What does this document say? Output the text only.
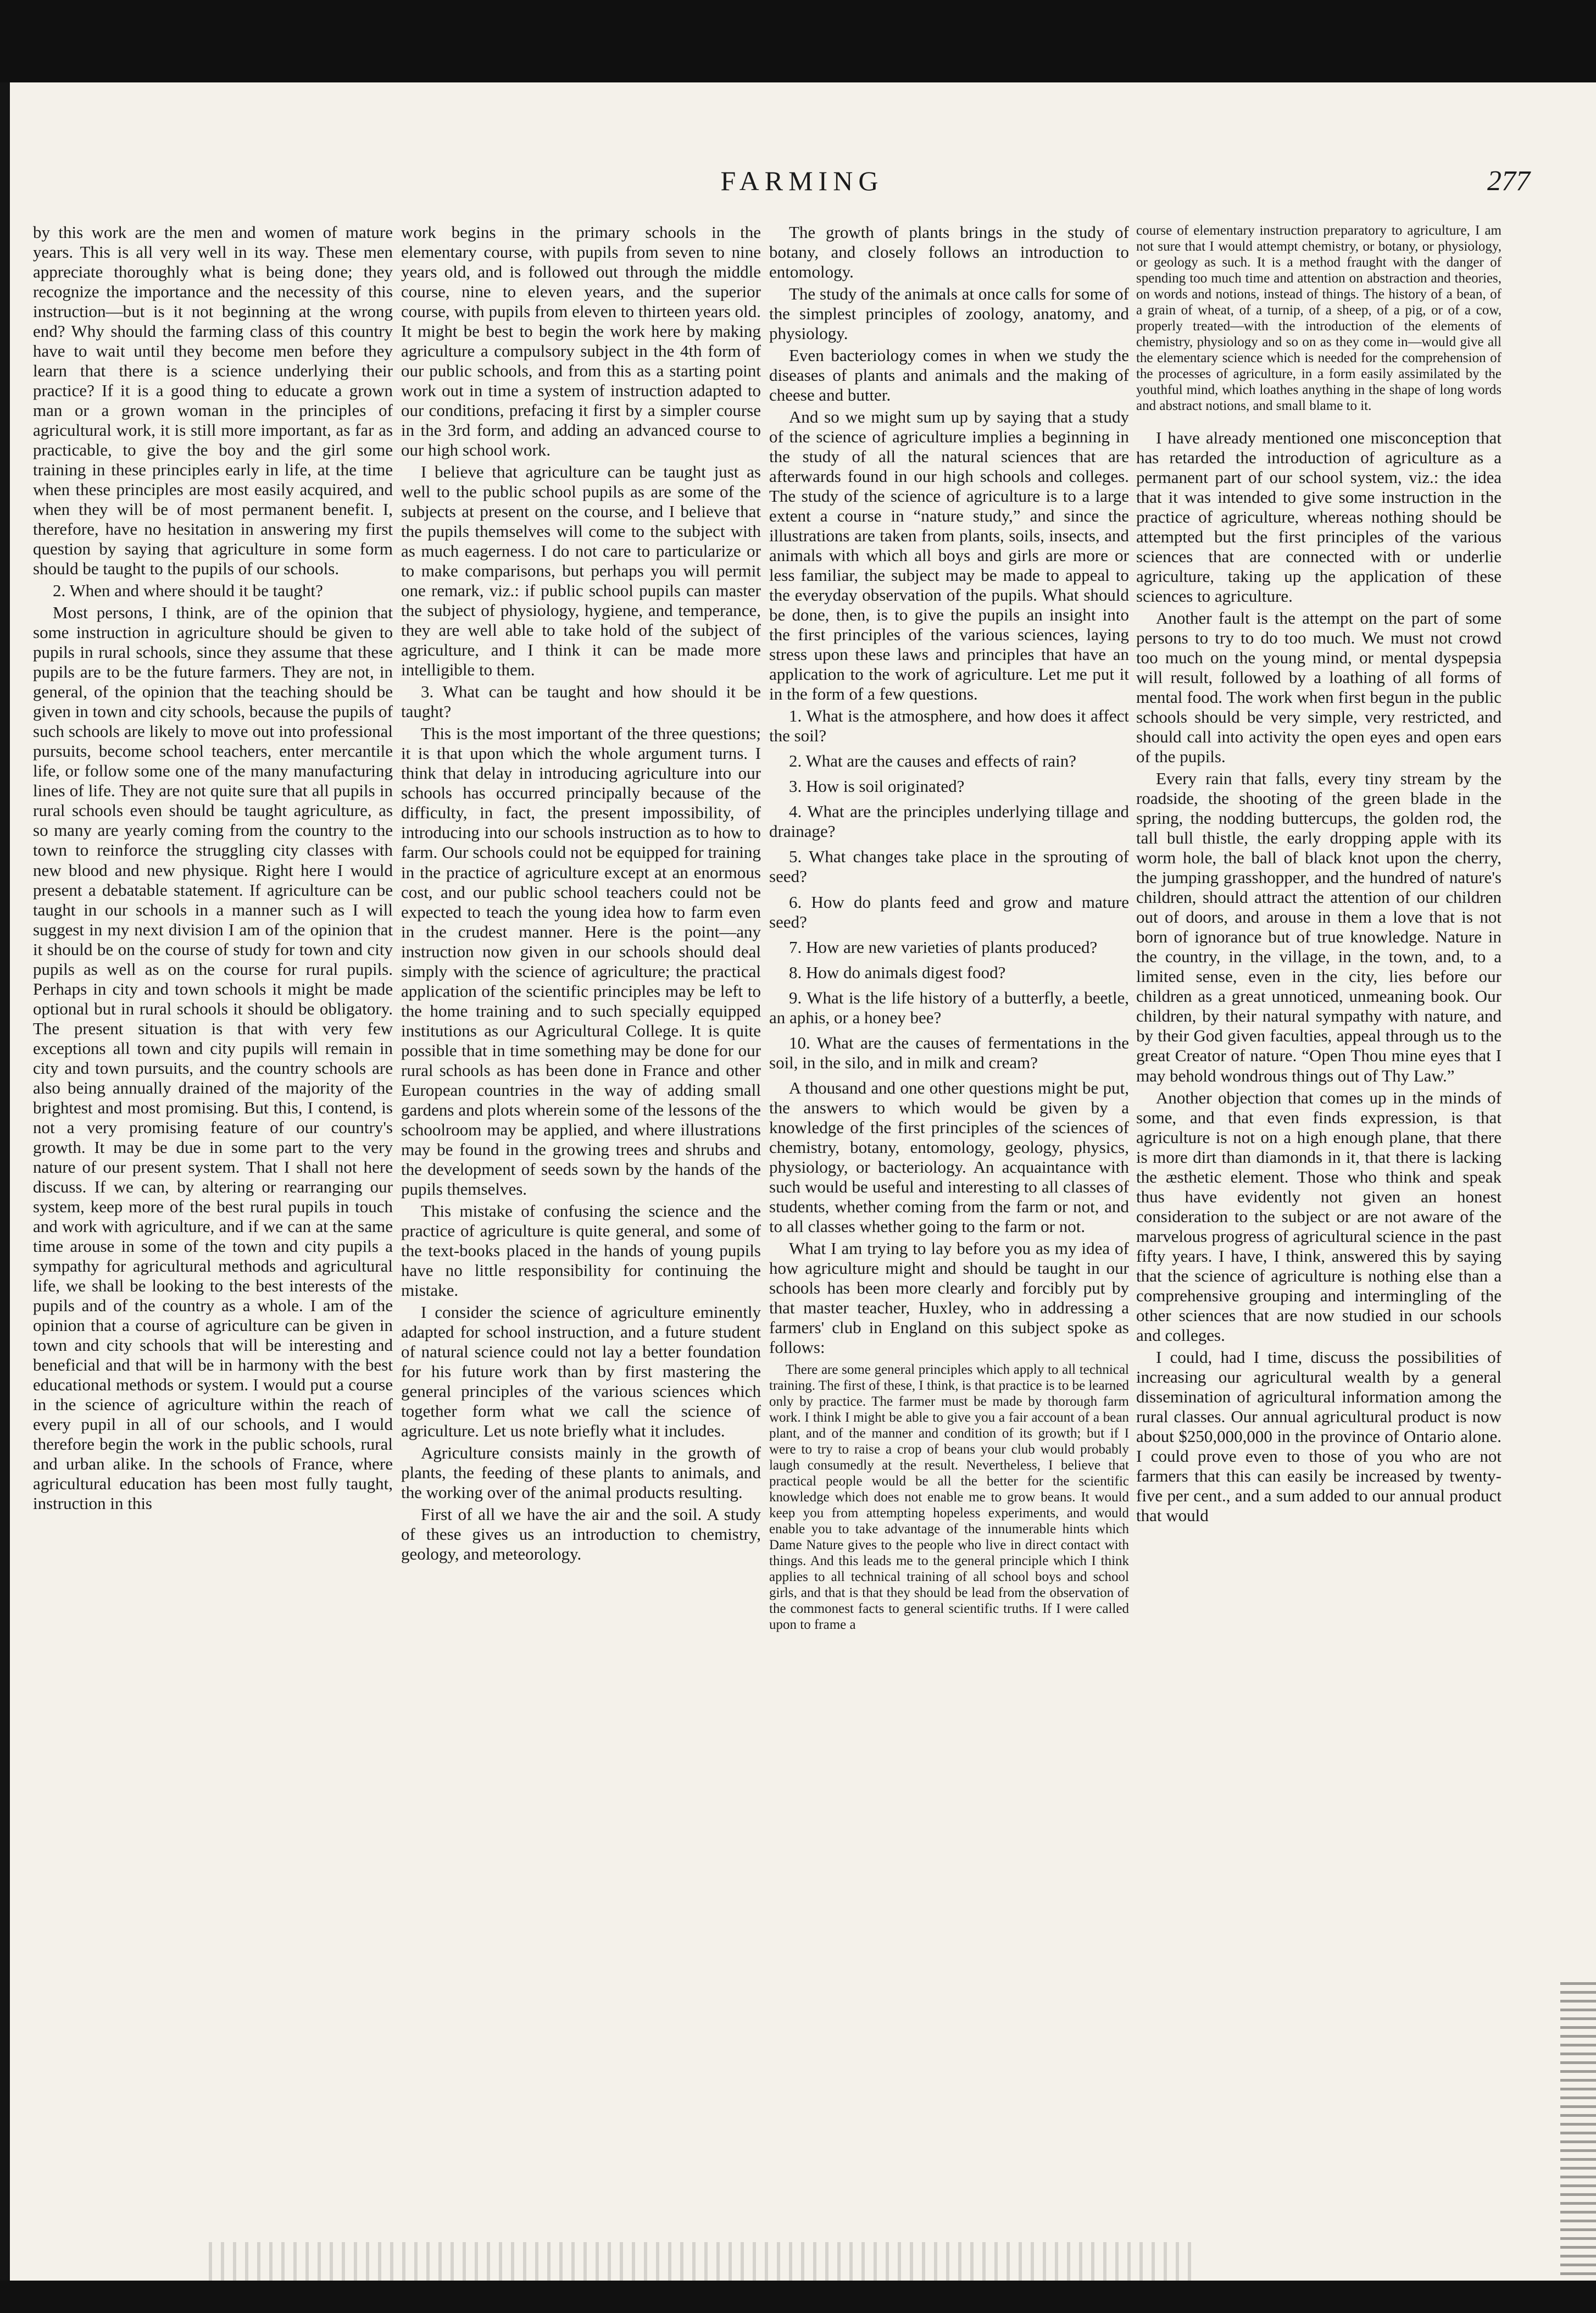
FARMING	277

by this work are the men and women of mature years. This is all very well in its way. These men appreciate thoroughly what is being done; they recognize the importance and the necessity of this instruction—but is it not beginning at the wrong end? Why should the farming class of this country have to wait until they become men before they learn that there is a science underlying their practice? If it is a good thing to educate a grown man or a grown woman in the principles of agricultural work, it is still more important, as far as practicable, to give the boy and the girl some training in these principles early in life, at the time when these principles are most easily acquired, and when they will be of most permanent benefit. I, therefore, have no hesitation in answering my first question by saying that agriculture in some form should be taught to the pupils of our schools.

2. When and where should it be taught?

Most persons, I think, are of the opinion that some instruction in agriculture should be given to pupils in rural schools, since they assume that these pupils are to be the future farmers. They are not, in general, of the opinion that the teaching should be given in town and city schools, because the pupils of such schools are likely to move out into professional pursuits, become school teachers, enter mercantile life, or follow some one of the many manufacturing lines of life. They are not quite sure that all pupils in rural schools even should be taught agriculture, as so many are yearly coming from the country to the town to reinforce the struggling city classes with new blood and new physique. Right here I would present a debatable statement. If agriculture can be taught in our schools in a manner such as I will suggest in my next division I am of the opinion that it should be on the course of study for town and city pupils as well as on the course for rural pupils. Perhaps in city and town schools it might be made optional but in rural schools it should be obligatory. The present situation is that with very few exceptions all town and city pupils will remain in city and town pursuits, and the country schools are also being annually drained of the majority of the brightest and most promising. But this, I contend, is not a very promising feature of our country's growth. It may be due in some part to the very nature of our present system. That I shall not here discuss. If we can, by altering or rearranging our system, keep more of the best rural pupils in touch and work with agriculture, and if we can at the same time arouse in some of the town and city pupils a sympathy for agricultural methods and agricultural life, we shall be looking to the best interests of the pupils and of the country as a whole. I am of the opinion that a course of agriculture can be given in town and city schools that will be interesting and beneficial and that will be in harmony with the best educational methods or system. I would put a course in the science of agriculture within the reach of every pupil in all of our schools, and I would therefore begin the work in the public schools, rural and urban alike. In the schools of France, where agricultural education has been most fully taught, instruction in this

work begins in the primary schools in the elementary course, with pupils from seven to nine years old, and is followed out through the middle course, nine to eleven years, and the superior course, with pupils from eleven to thirteen years old. It might be best to begin the work here by making agriculture a compulsory subject in the 4th form of our public schools, and from this as a starting point work out in time a system of instruction adapted to our conditions, prefacing it first by a simpler course in the 3rd form, and adding an advanced course to our high school work.

I believe that agriculture can be taught just as well to the public school pupils as are some of the subjects at present on the course, and I believe that the pupils themselves will come to the subject with as much eagerness. I do not care to particularize or to make comparisons, but perhaps you will permit one remark, viz.: if public school pupils can master the subject of physiology, hygiene, and temperance, they are well able to take hold of the subject of agriculture, and I think it can be made more intelligible to them.

3. What can be taught and how should it be taught?

This is the most important of the three questions; it is that upon which the whole argument turns. I think that delay in introducing agriculture into our schools has occurred principally because of the difficulty, in fact, the present impossibility, of introducing into our schools instruction as to how to farm. Our schools could not be equipped for training in the practice of agriculture except at an enormous cost, and our public school teachers could not be expected to teach the young idea how to farm even in the crudest manner. Here is the point—any instruction now given in our schools should deal simply with the science of agriculture; the practical application of the scientific principles may be left to the home training and to such specially equipped institutions as our Agricultural College. It is quite possible that in time something may be done for our rural schools as has been done in France and other European countries in the way of adding small gardens and plots wherein some of the lessons of the schoolroom may be applied, and where illustrations may be found in the growing trees and shrubs and the development of seeds sown by the hands of the pupils themselves.

This mistake of confusing the science and the practice of agriculture is quite general, and some of the text-books placed in the hands of young pupils have no little responsibility for continuing the mistake.

I consider the science of agriculture eminently adapted for school instruction, and a future student of natural science could not lay a better foundation for his future work than by first mastering the general principles of the various sciences which together form what we call the science of agriculture. Let us note briefly what it includes.

Agriculture consists mainly in the growth of plants, the feeding of these plants to animals, and the working over of the animal products resulting.

First of all we have the air and the soil. A study of these gives us an introduction to chemistry, geology, and meteorology.

The growth of plants brings in the study of botany, and closely follows an introduction to entomology.

The study of the animals at once calls for some of the simplest principles of zoology, anatomy, and physiology.

Even bacteriology comes in when we study the diseases of plants and animals and the making of cheese and butter.

And so we might sum up by saying that a study of the science of agriculture implies a beginning in the study of all the natural sciences that are afterwards found in our high schools and colleges. The study of the science of agriculture is to a large extent a course in “nature study,” and since the illustrations are taken from plants, soils, insects, and animals with which all boys and girls are more or less familiar, the subject may be made to appeal to the everyday observation of the pupils. What should be done, then, is to give the pupils an insight into the first principles of the various sciences, laying stress upon these laws and principles that have an application to the work of agriculture. Let me put it in the form of a few questions.

1. What is the atmosphere, and how does it affect the soil?

2. What are the causes and effects of rain?

3. How is soil originated?

4. What are the principles underlying tillage and drainage?

5. What changes take place in the sprouting of seed?

6. How do plants feed and grow and mature seed?

7. How are new varieties of plants produced?

8. How do animals digest food?

9. What is the life history of a butterfly, a beetle, an aphis, or a honey bee?

10. What are the causes of fermentations in the soil, in the silo, and in milk and cream?

A thousand and one other questions might be put, the answers to which would be given by a knowledge of the first principles of the sciences of chemistry, botany, entomology, geology, physics, physiology, or bacteriology. An acquaintance with such would be useful and interesting to all classes of students, whether coming from the farm or not, and to all classes whether going to the farm or not.

What I am trying to lay before you as my idea of how agriculture might and should be taught in our schools has been more clearly and forcibly put by that master teacher, Huxley, who in addressing a farmers' club in England on this subject spoke as follows:

There are some general principles which apply to all technical training. The first of these, I think, is that practice is to be learned only by practice. The farmer must be made by thorough farm work. I think I might be able to give you a fair account of a bean plant, and of the manner and condition of its growth; but if I were to try to raise a crop of beans your club would probably laugh consumedly at the result. Nevertheless, I believe that practical people would be all the better for the scientific knowledge which does not enable me to grow beans. It would keep you from attempting hopeless experiments, and would enable you to take advantage of the innumerable hints which Dame Nature gives to the people who live in direct contact with things. And this leads me to the general principle which I think applies to all technical training of all school boys and school girls, and that is that they should be lead from the observation of the commonest facts to general scientific truths. If I were called upon to frame a

course of elementary instruction preparatory to agriculture, I am not sure that I would attempt chemistry, or botany, or physiology, or geology as such. It is a method fraught with the danger of spending too much time and attention on abstraction and theories, on words and notions, instead of things. The history of a bean, of a grain of wheat, of a turnip, of a sheep, of a pig, or of a cow, properly treated—with the introduction of the elements of chemistry, physiology and so on as they come in—would give all the elementary science which is needed for the comprehension of the processes of agriculture, in a form easily assimilated by the youthful mind, which loathes anything in the shape of long words and abstract notions, and small blame to it.

I have already mentioned one misconception that has retarded the introduction of agriculture as a permanent part of our school system, viz.: the idea that it was intended to give some instruction in the practice of agriculture, whereas nothing should be attempted but the first principles of the various sciences that are connected with or underlie agriculture, taking up the application of these sciences to agriculture.

Another fault is the attempt on the part of some persons to try to do too much. We must not crowd too much on the young mind, or mental dyspepsia will result, followed by a loathing of all forms of mental food. The work when first begun in the public schools should be very simple, very restricted, and should call into activity the open eyes and open ears of the pupils.

Every rain that falls, every tiny stream by the roadside, the shooting of the green blade in the spring, the nodding buttercups, the golden rod, the tall bull thistle, the early dropping apple with its worm hole, the ball of black knot upon the cherry, the jumping grasshopper, and the hundred of nature's children, should attract the attention of our children out of doors, and arouse in them a love that is not born of ignorance but of true knowledge. Nature in the country, in the village, in the town, and, to a limited sense, even in the city, lies before our children as a great unnoticed, unmeaning book. Our children, by their natural sympathy with nature, and by their God given faculties, appeal through us to the great Creator of nature. “Open Thou mine eyes that I may behold wondrous things out of Thy Law.”

Another objection that comes up in the minds of some, and that even finds expression, is that agriculture is not on a high enough plane, that there is more dirt than diamonds in it, that there is lacking the æsthetic element. Those who think and speak thus have evidently not given an honest consideration to the subject or are not aware of the marvelous progress of agricultural science in the past fifty years. I have, I think, answered this by saying that the science of agriculture is nothing else than a comprehensive grouping and intermingling of the other sciences that are now studied in our schools and colleges.

I could, had I time, discuss the possibilities of increasing our agricultural wealth by a general dissemination of agricultural information among the rural classes. Our annual agricultural product is now about $250,000,000 in the province of Ontario alone. I could prove even to those of you who are not farmers that this can easily be increased by twenty-five per cent., and a sum added to our annual product that would
